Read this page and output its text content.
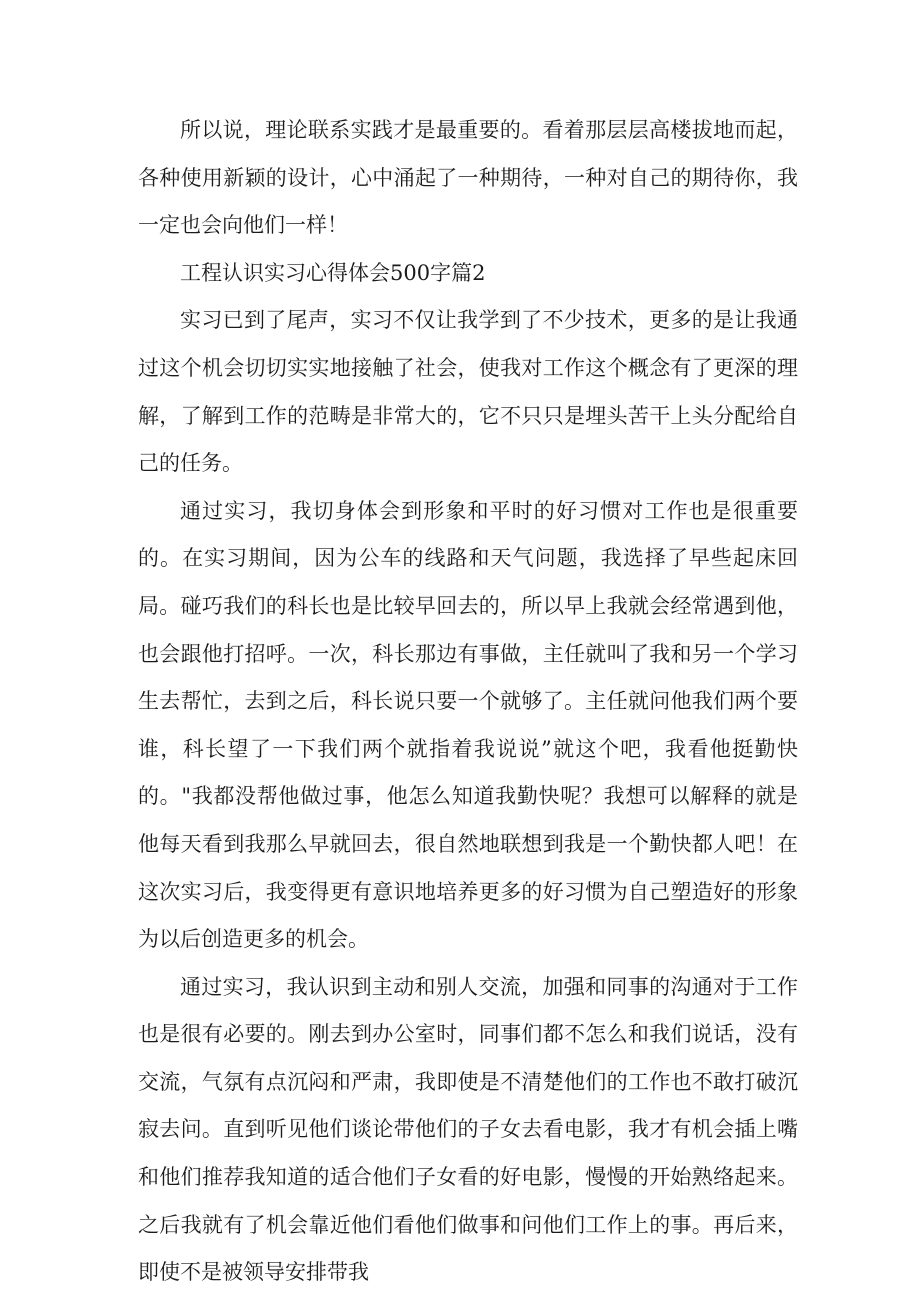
所以说，理论联系实践才是最重要的。看着那层层高楼拔地而起，各种使用新颖的设计，心中涌起了一种期待，一种对自己的期待你，我一定也会向他们一样！

工程认识实习心得体会500字篇2

实习已到了尾声，实习不仅让我学到了不少技术，更多的是让我通过这个机会切切实实地接触了社会，使我对工作这个概念有了更深的理解，了解到工作的范畴是非常大的，它不只只是埋头苦干上头分配给自己的任务。

通过实习，我切身体会到形象和平时的好习惯对工作也是很重要的。在实习期间，因为公车的线路和天气问题，我选择了早些起床回局。碰巧我们的科长也是比较早回去的，所以早上我就会经常遇到他，也会跟他打招呼。一次，科长那边有事做，主任就叫了我和另一个学习生去帮忙，去到之后，科长说只要一个就够了。主任就问他我们两个要谁，科长望了一下我们两个就指着我说说”就这个吧，我看他挺勤快的。"我都没帮他做过事，他怎么知道我勤快呢？我想可以解释的就是他每天看到我那么早就回去，很自然地联想到我是一个勤快都人吧！在这次实习后，我变得更有意识地培养更多的好习惯为自己塑造好的形象为以后创造更多的机会。

通过实习，我认识到主动和别人交流，加强和同事的沟通对于工作也是很有必要的。刚去到办公室时，同事们都不怎么和我们说话，没有交流，气氛有点沉闷和严肃，我即使是不清楚他们的工作也不敢打破沉寂去问。直到听见他们谈论带他们的子女去看电影，我才有机会插上嘴和他们推荐我知道的适合他们子女看的好电影，慢慢的开始熟络起来。之后我就有了机会靠近他们看他们做事和问他们工作上的事。再后来，即使不是被领导安排带我
